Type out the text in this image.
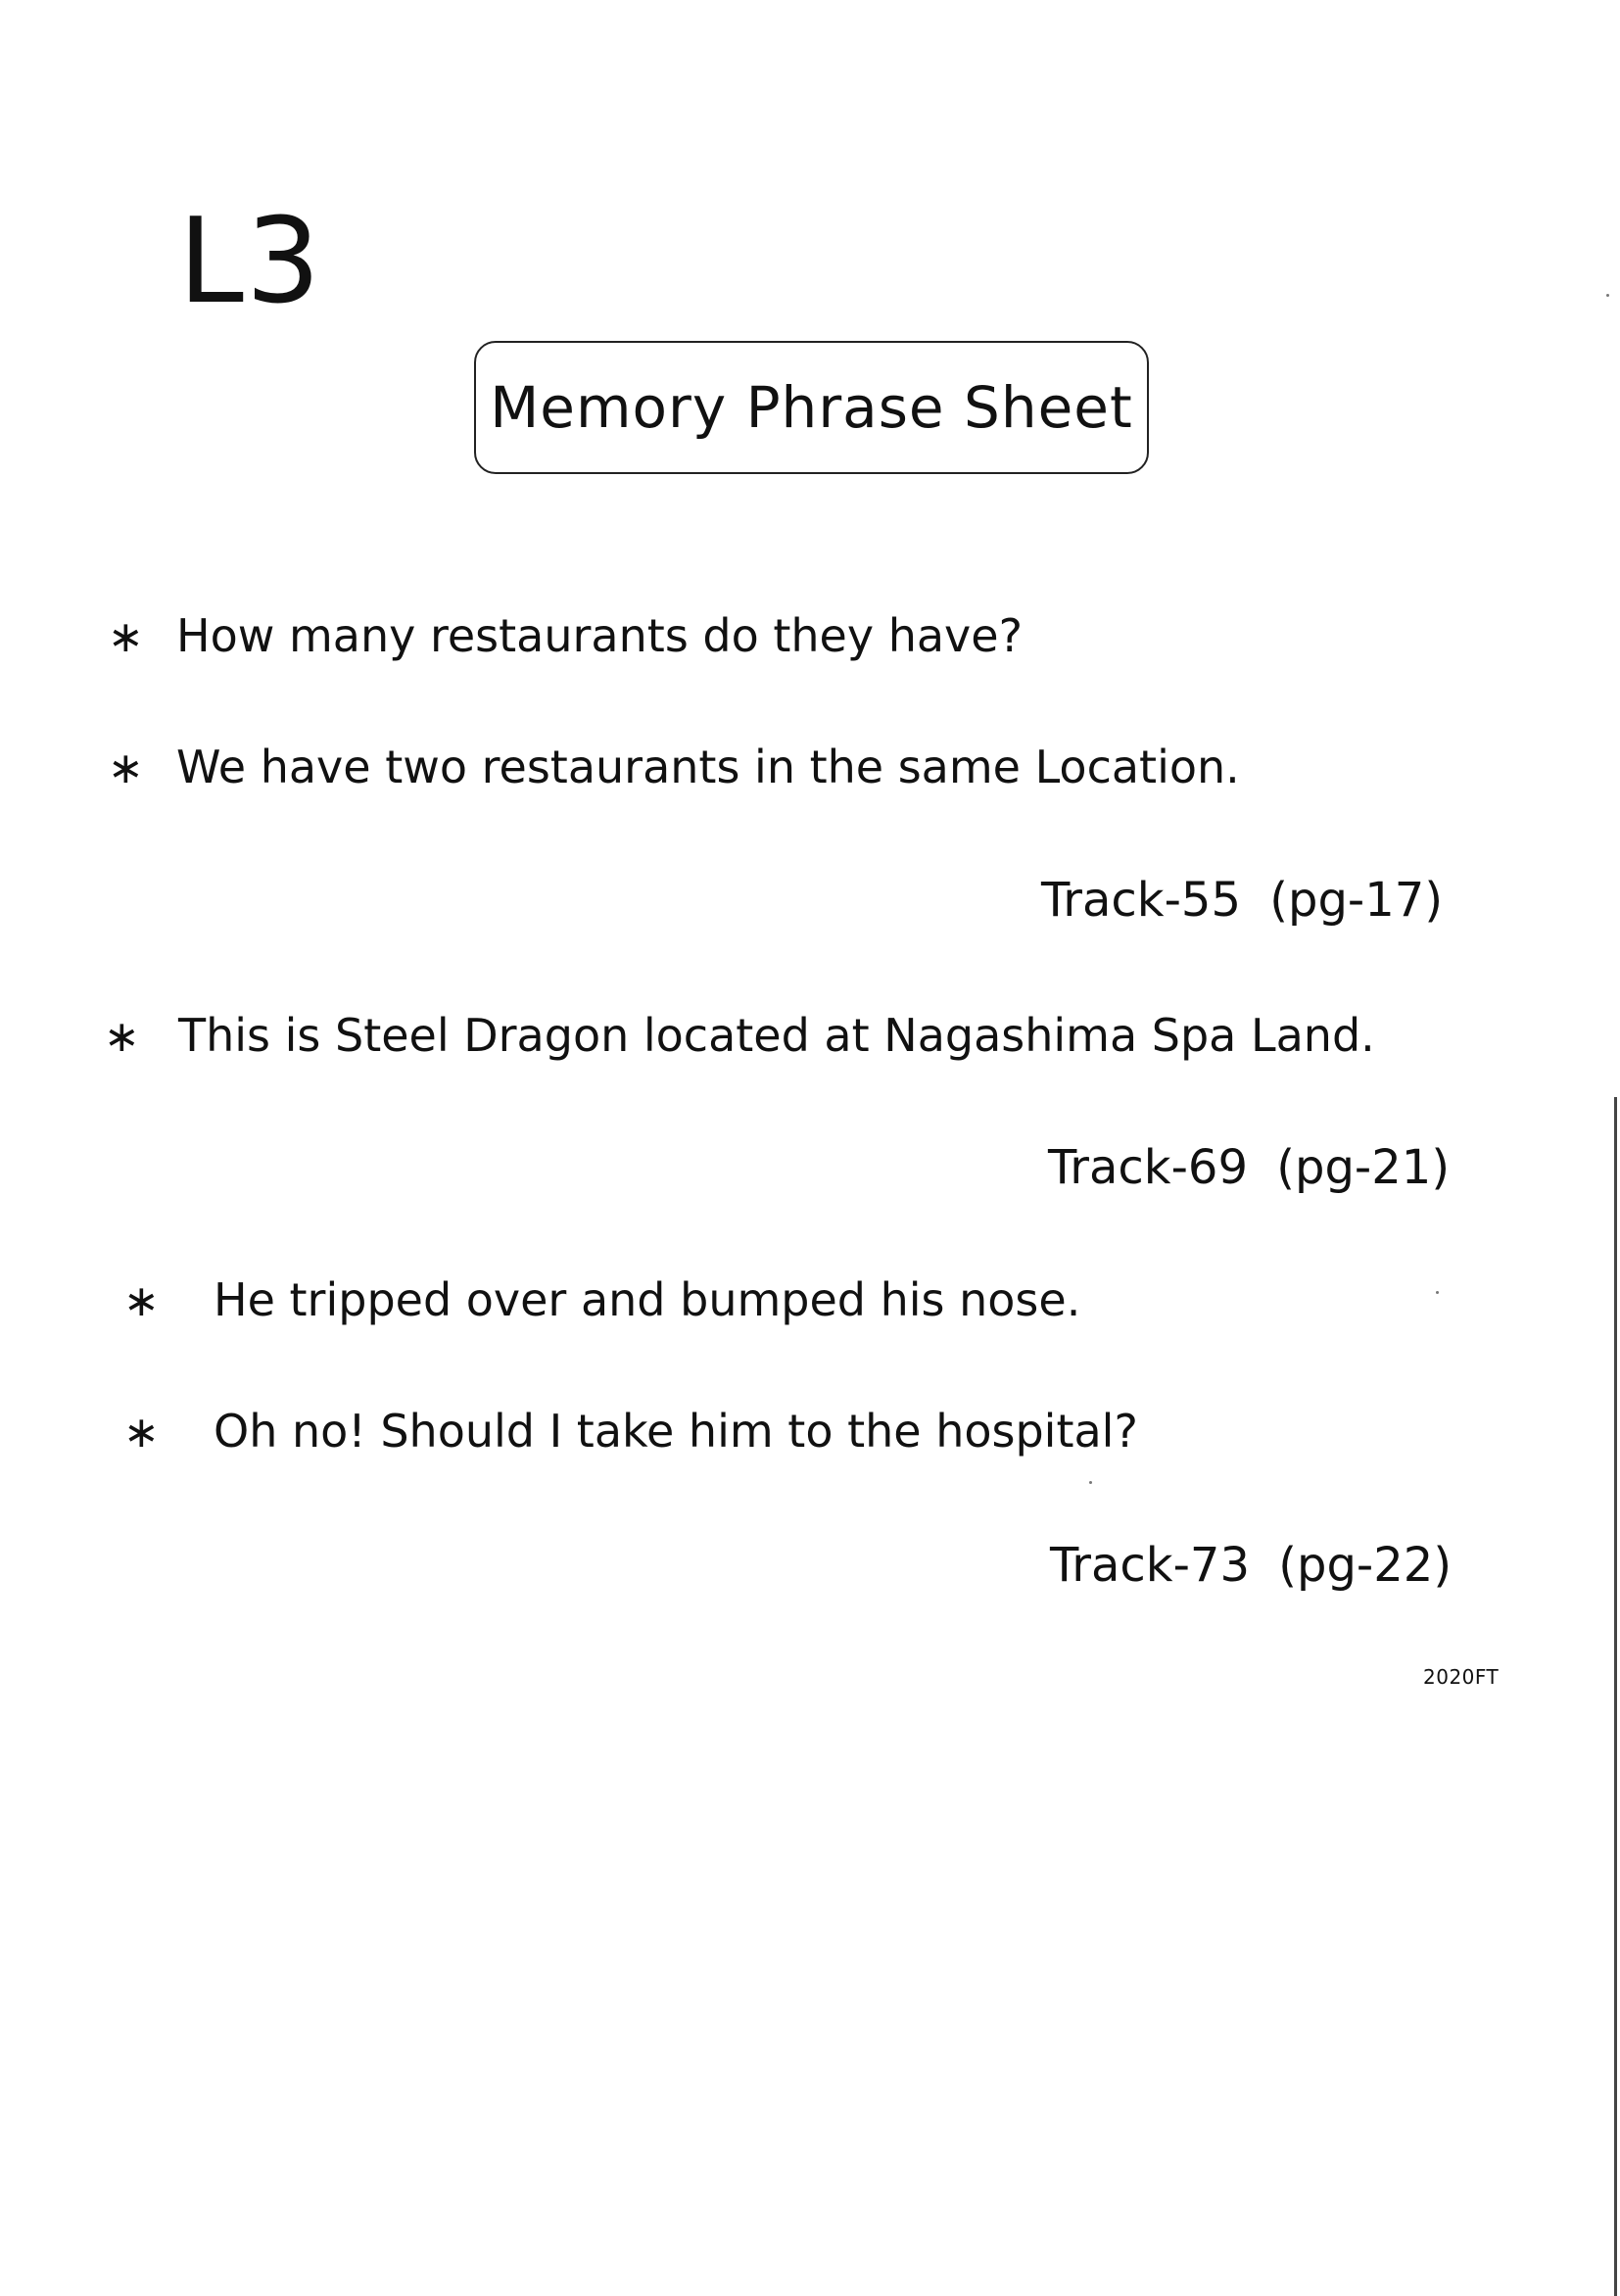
L3
Memory Phrase Sheet
∗ How many restaurants do they have?
∗ We have two restaurants in the same Location.
Track-55 (pg-17)
∗ This is Steel Dragon located at Nagashima Spa Land.
Track-69 (pg-21)
∗	He tripped over and bumped his nose.
∗	Oh no! Should I take him to the hospital?
Track-73 (pg-22)
2020FT
